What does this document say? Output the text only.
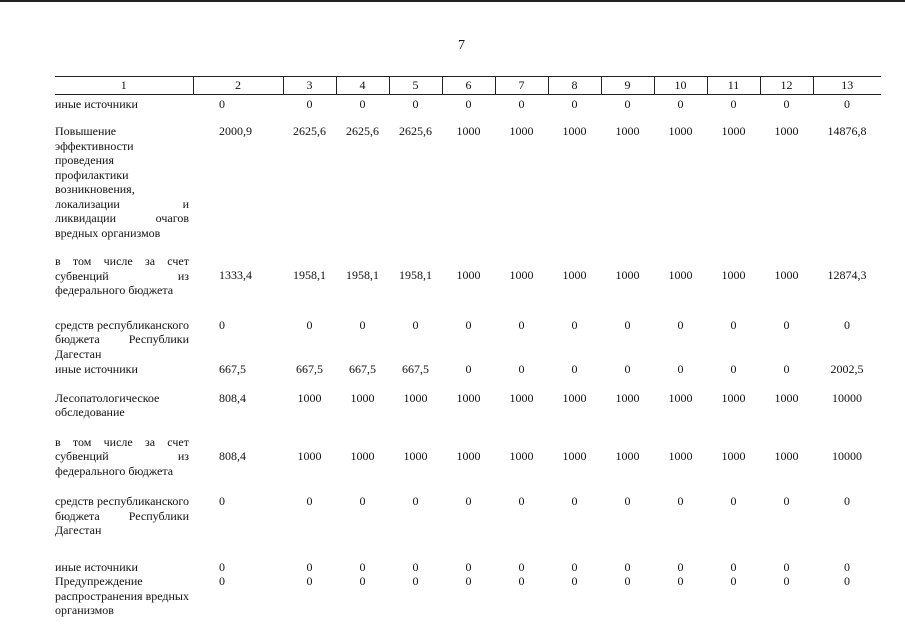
7
1	2	3	4	5	6	7	8	9	10	11	12	13
иные источники	0	0	0	0	0	0	0	0	0	0	0	0
Повышение эффективности проведения профилактики возникновения, локализации и ликвидации очагов вредных организмов	2000,9	2625,6	2625,6	2625,6	1000	1000	1000	1000	1000	1000	1000	14876,8
в том числе за счет субвенций из федерального бюджета	1333,4	1958,1	1958,1	1958,1	1000	1000	1000	1000	1000	1000	1000	12874,3
средств республиканского бюджета Республики Дагестан	0	0	0	0	0	0	0	0	0	0	0	0
иные источники	667,5	667,5	667,5	667,5	0	0	0	0	0	0	0	2002,5
Лесопатологическое обследование	808,4	1000	1000	1000	1000	1000	1000	1000	1000	1000	1000	10000
в том числе за счет субвенций из федерального бюджета	808,4	1000	1000	1000	1000	1000	1000	1000	1000	1000	1000	10000
средств республиканского бюджета Республики Дагестан	0	0	0	0	0	0	0	0	0	0	0	0
иные источники	0	0	0	0	0	0	0	0	0	0	0	0
Предупреждение распространения вредных организмов	0	0	0	0	0	0	0	0	0	0	0	0
